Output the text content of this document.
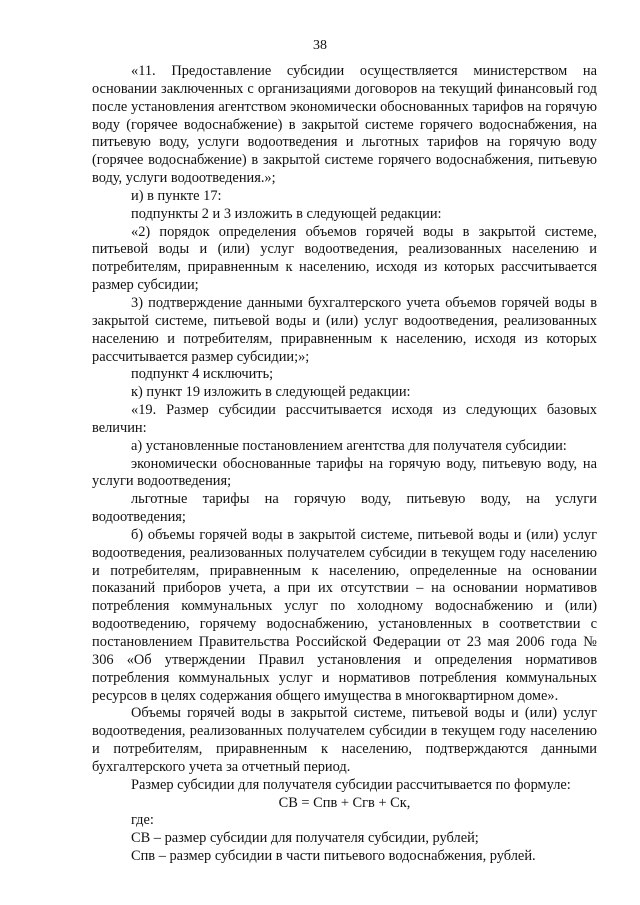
38

«11. Предоставление субсидии осуществляется министерством на основании заключенных с организациями договоров на текущий финансовый год после установления агентством экономически обоснованных тарифов на горячую воду (горячее водоснабжение) в закрытой системе горячего водоснабжения, на питьевую воду, услуги водоотведения и льготных тарифов на горячую воду (горячее водоснабжение) в закрытой системе горячего водоснабжения, питьевую воду, услуги водоотведения.»;

и) в пункте 17:

подпункты 2 и 3 изложить в следующей редакции:

«2) порядок определения объемов горячей воды в закрытой системе, питьевой воды и (или) услуг водоотведения, реализованных населению и потребителям, приравненным к населению, исходя из которых рассчитывается размер субсидии;

3) подтверждение данными бухгалтерского учета объемов горячей воды в закрытой системе, питьевой воды и (или) услуг водоотведения, реализованных населению и потребителям, приравненным к населению, исходя из которых рассчитывается размер субсидии;»;

подпункт 4 исключить;

к) пункт 19 изложить в следующей редакции:

«19. Размер субсидии рассчитывается исходя из следующих базовых величин:

а) установленные постановлением агентства для получателя субсидии:

экономически обоснованные тарифы на горячую воду, питьевую воду, на услуги водоотведения;

льготные тарифы на горячую воду, питьевую воду, на услуги водоотведения;

б) объемы горячей воды в закрытой системе, питьевой воды и (или) услуг водоотведения, реализованных получателем субсидии в текущем году населению и потребителям, приравненным к населению, определенные на основании показаний приборов учета, а при их отсутствии – на основании нормативов потребления коммунальных услуг по холодному водоснабжению и (или) водоотведению, горячему водоснабжению, установленных в соответствии с постановлением Правительства Российской Федерации от 23 мая 2006 года № 306 «Об утверждении Правил установления и определения нормативов потребления коммунальных услуг и нормативов потребления коммунальных ресурсов в целях содержания общего имущества в многоквартирном доме».

Объемы горячей воды в закрытой системе, питьевой воды и (или) услуг водоотведения, реализованных получателем субсидии в текущем году населению и потребителям, приравненным к населению, подтверждаются данными бухгалтерского учета за отчетный период.

Размер субсидии для получателя субсидии рассчитывается по формуле:

СВ = Спв + Сгв + Ск,

где:

СВ – размер субсидии для получателя субсидии, рублей;

Спв – размер субсидии в части питьевого водоснабжения, рублей.
